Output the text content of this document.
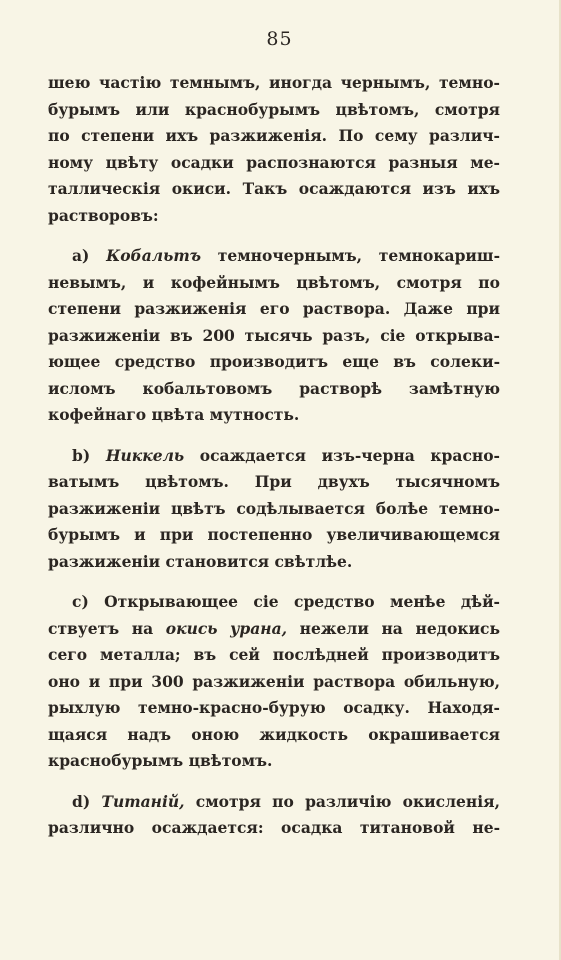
85
шею частію темнымъ, иногда чернымъ, темно-
бурымъ или краснобурымъ цвѣтомъ, смотря
по степени ихъ разжиженія. По сему различ-
ному цвѣту осадки распознаются разныя ме-
таллическія окиси. Такъ осаждаются изъ ихъ
растворовъ:
а) Кобальтъ темночернымъ, темнокариш-
невымъ, и кофейнымъ цвѣтомъ, смотря по
степени разжиженія его раствора. Даже при
разжиженіи въ 200 тысячь разъ, сіе открыва-
ющее средство производитъ еще въ солеки-
исломъ кобальтовомъ растворѣ замѣтную
кофейнаго цвѣта мутность.
b) Никкель осаждается изъ-черна красно-
ватымъ цвѣтомъ. При двухъ тысячномъ
разжиженіи цвѣтъ содѣлывается болѣе темно-
бурымъ и при постепенно увеличивающемся
разжиженіи становится свѣтлѣе.
c) Открывающее сіе средство менѣе дѣй-
ствуетъ на окись урана, нежели на недокись
сего металла; въ сей послѣдней производитъ
оно и при 300 разжиженіи раствора обильную,
рыхлую темно-красно-бурую осадку. Находя-
щаяся надъ оною жидкость окрашивается
краснобурымъ цвѣтомъ.
d) Титаній, смотря по различію окисленія,
различно осаждается: осадка титановой не-
